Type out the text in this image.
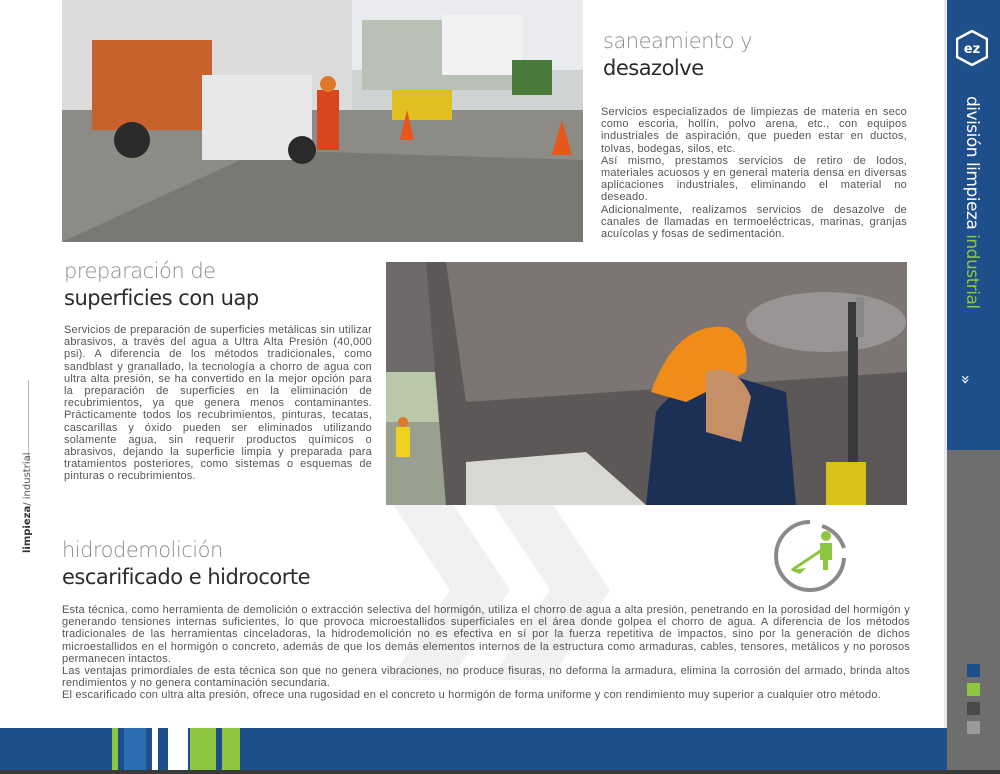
saneamiento y
desazolve

Servicios especializados de limpiezas de materia en seco como escoria, hollín, polvo arena, etc., con equipos industriales de aspiración, que pueden estar en ductos, tolvas, bodegas, silos, etc.

Así mismo, prestamos servicios de retiro de lodos, materiales acuosos y en general materia densa en diversas aplicaciones industriales, eliminando el material no deseado.

Adicionalmente, realizamos servicios de desazolve de canales de llamadas en termoeléctricas, marinas, granjas acuícolas y fosas de sedimentación.

preparación de
superficies con uap

Servicios de preparación de superficies metálicas sin utilizar abrasivos, a través del agua a Ultra Alta Presión (40,000 psi). A diferencia de los métodos tradicionales, como sandblast y granallado, la tecnología a chorro de agua con ultra alta presión, se ha convertido en la mejor opción para la preparación de superficies en la eliminación de recubrimientos, ya que genera menos contaminantes. Prácticamente todos los recubrimientos, pinturas, tecatas, cascarillas y óxido pueden ser eliminados utilizando solamente agua, sin requerir productos químicos o abrasivos, dejando la superficie limpia y preparada para tratamientos posteriores, como sistemas o esquemas de pinturas o recubrimientos.

limpieza/ industrial
hidrodemolición
escarificado e hidrocorte

Esta técnica, como herramienta de demolición o extracción selectiva del hormigón, utiliza el chorro de agua a alta presión, penetrando en la porosidad del hormigón y generando tensiones internas suficientes, lo que provoca microestallidos superficiales en el área donde golpea el chorro de agua. A diferencia de los métodos tradicionales de las herramientas cinceladoras, la hidrodemolición no es efectiva en sí por la fuerza repetitiva de impactos, sino por la generación de dichos microestallidos en el hormigón o concreto, además de que los demás elementos internos de la estructura como armaduras, cables, tensores, metálicos y no porosos permanecen intactos.

Las ventajas primordiales de esta técnica son que no genera vibraciones, no produce fisuras, no deforma la armadura, elimina la corrosión del armado, brinda altos rendimientos y no genera contaminación secundaria.

El escarificado con ultra alta presión, ofrece una rugosidad en el concreto u hormigón de forma uniforme y con rendimiento muy superior a cualquier otro método.

ez
división limpieza industrial
»
